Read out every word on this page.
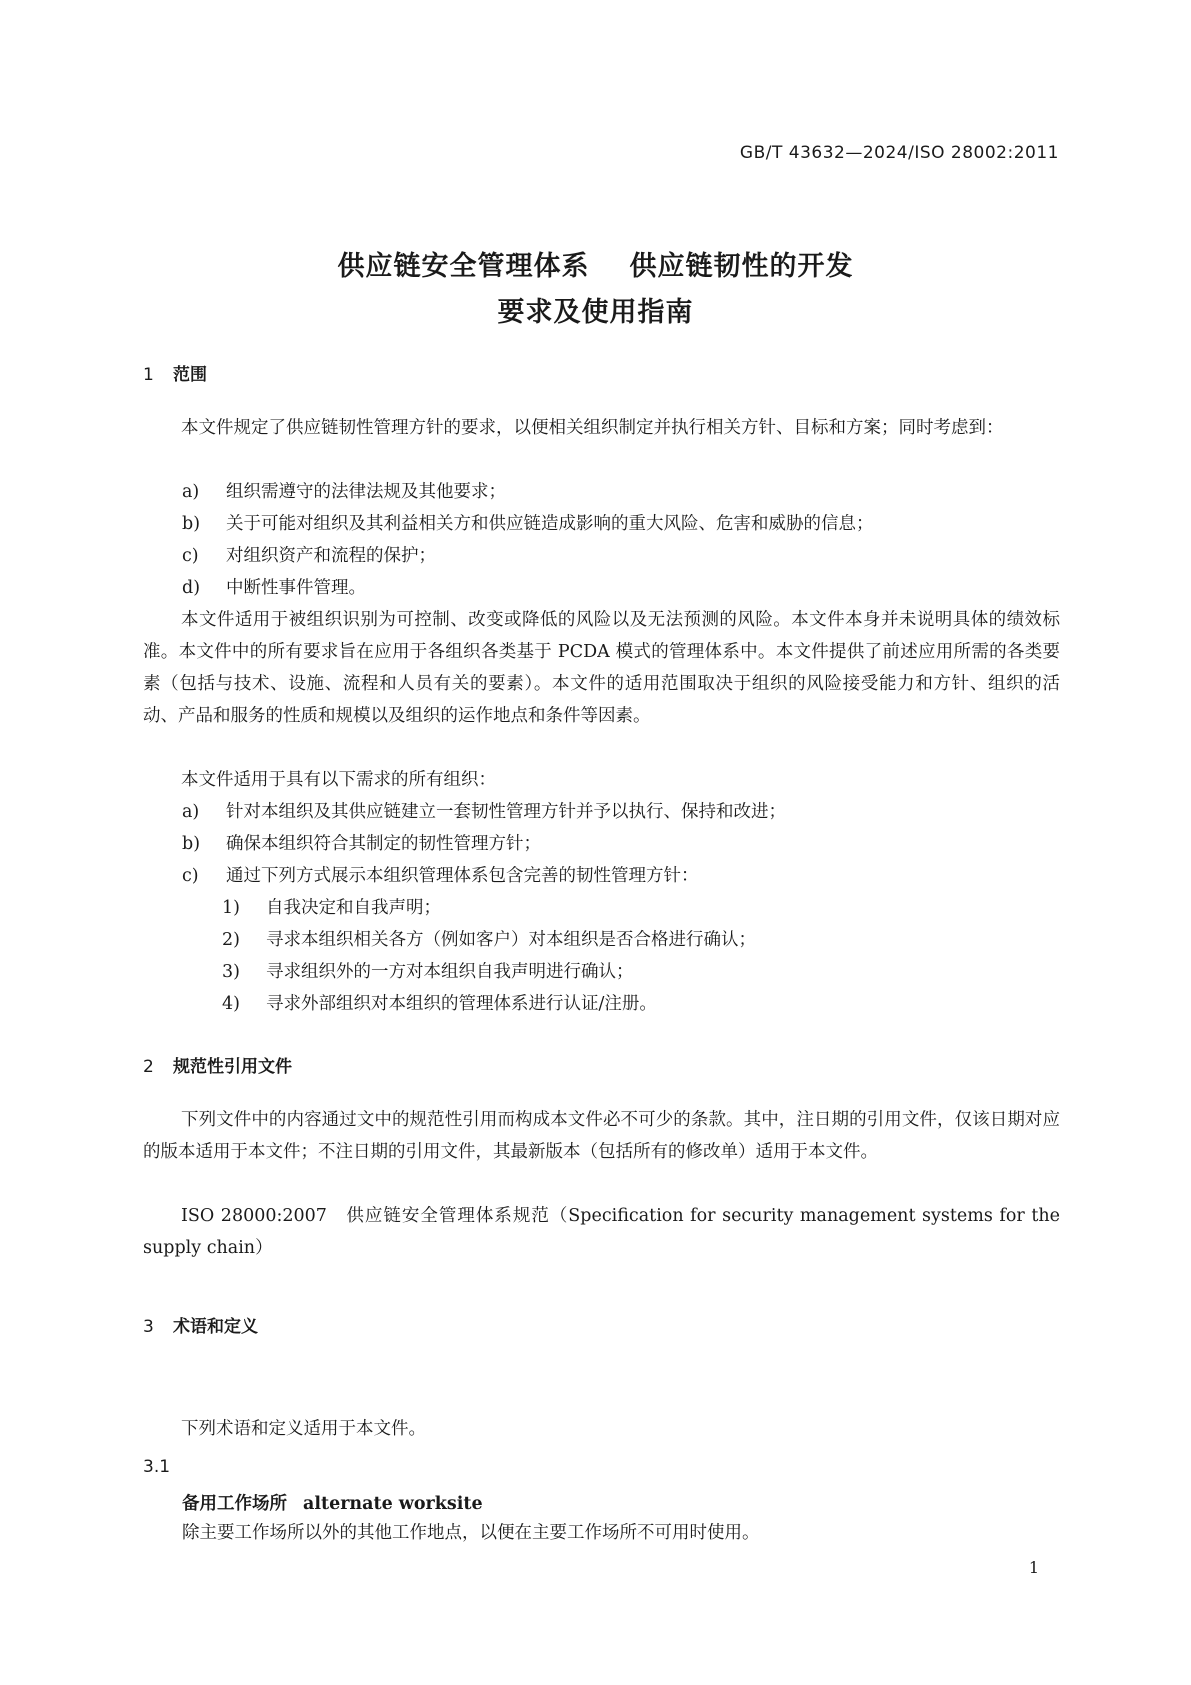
GB/T 43632—2024/ISO 28002:2011
供应链安全管理体系 供应链韧性的开发
要求及使用指南
1 范围
本文件规定了供应链韧性管理方针的要求，以便相关组织制定并执行相关方针、目标和方案；同时考虑到：
a) 组织需遵守的法律法规及其他要求；
b) 关于可能对组织及其利益相关方和供应链造成影响的重大风险、危害和威胁的信息；
c) 对组织资产和流程的保护；
d) 中断性事件管理。
本文件适用于被组织识别为可控制、改变或降低的风险以及无法预测的风险。本文件本身并未说明具体的绩效标准。本文件中的所有要求旨在应用于各组织各类基于 PCDA 模式的管理体系中。本文件提供了前述应用所需的各类要素（包括与技术、设施、流程和人员有关的要素）。本文件的适用范围取决于组织的风险接受能力和方针、组织的活动、产品和服务的性质和规模以及组织的运作地点和条件等因素。
本文件适用于具有以下需求的所有组织：
a) 针对本组织及其供应链建立一套韧性管理方针并予以执行、保持和改进；
b) 确保本组织符合其制定的韧性管理方针；
c) 通过下列方式展示本组织管理体系包含完善的韧性管理方针：
1) 自我决定和自我声明；
2) 寻求本组织相关各方（例如客户）对本组织是否合格进行确认；
3) 寻求组织外的一方对本组织自我声明进行确认；
4) 寻求外部组织对本组织的管理体系进行认证/注册。
2 规范性引用文件
下列文件中的内容通过文中的规范性引用而构成本文件必不可少的条款。其中，注日期的引用文件，仅该日期对应的版本适用于本文件；不注日期的引用文件，其最新版本（包括所有的修改单）适用于本文件。
ISO 28000:2007　供应链安全管理体系规范（Specification for security management systems for the supply chain）
3 术语和定义
下列术语和定义适用于本文件。
3.1
备用工作场所 alternate worksite
除主要工作场所以外的其他工作地点，以便在主要工作场所不可用时使用。
1
